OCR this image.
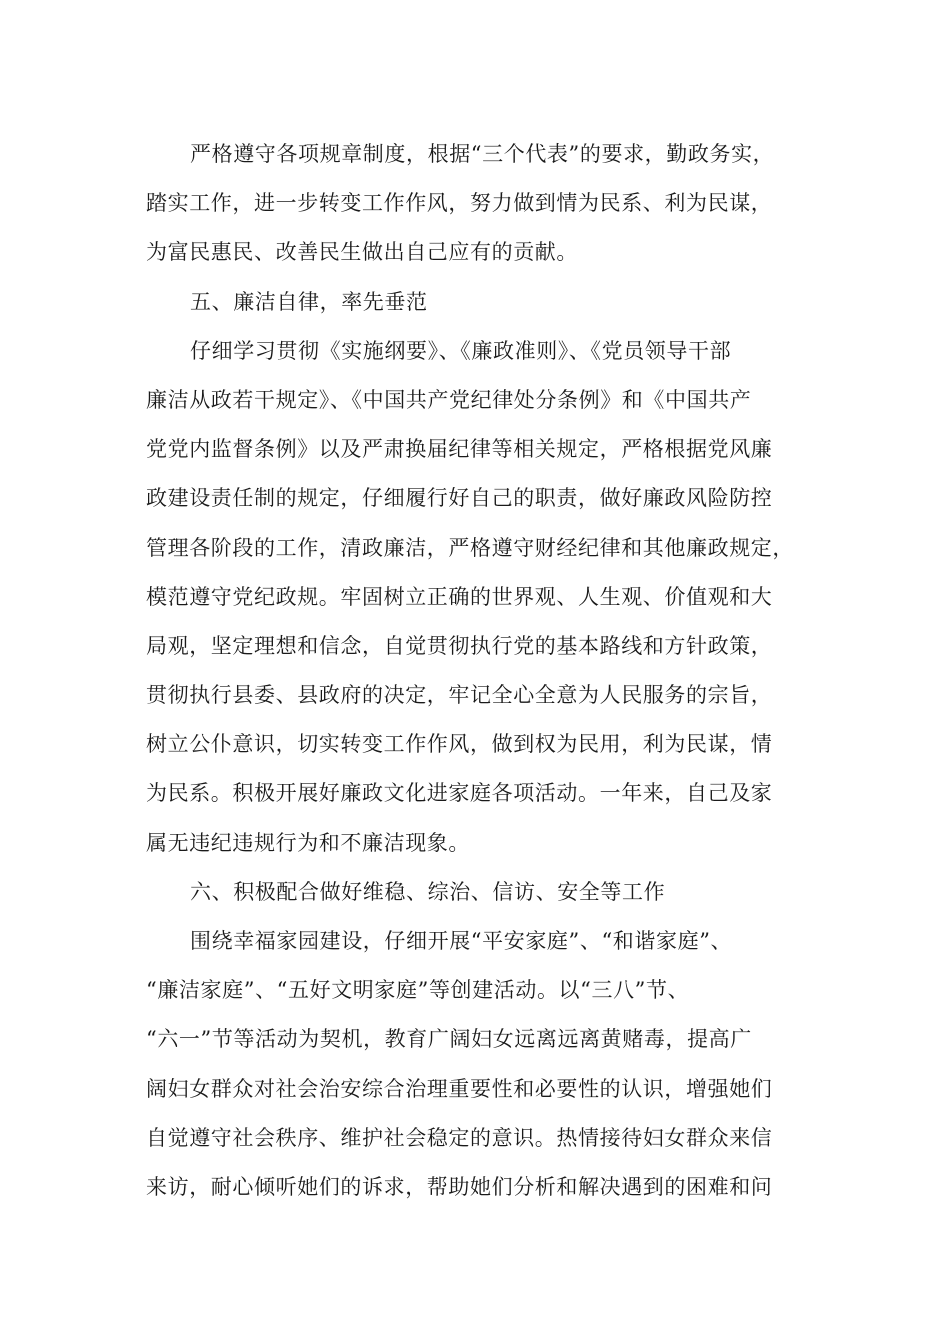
严格遵守各项规章制度，根据“三个代表”的要求，勤政务实，
踏实工作，进一步转变工作作风，努力做到情为民系、利为民谋，
为富民惠民、改善民生做出自己应有的贡献。
五、廉洁自律，率先垂范
仔细学习贯彻《实施纲要》、《廉政准则》、《党员领导干部
廉洁从政若干规定》、《中国共产党纪律处分条例》和《中国共产
党党内监督条例》以及严肃换届纪律等相关规定，严格根据党风廉
政建设责任制的规定，仔细履行好自己的职责，做好廉政风险防控
管理各阶段的工作，清政廉洁，严格遵守财经纪律和其他廉政规定，
模范遵守党纪政规。牢固树立正确的世界观、人生观、价值观和大
局观，坚定理想和信念，自觉贯彻执行党的基本路线和方针政策，
贯彻执行县委、县政府的决定，牢记全心全意为人民服务的宗旨，
树立公仆意识，切实转变工作作风，做到权为民用，利为民谋，情
为民系。积极开展好廉政文化进家庭各项活动。一年来，自己及家
属无违纪违规行为和不廉洁现象。
六、积极配合做好维稳、综治、信访、安全等工作
围绕幸福家园建设，仔细开展“平安家庭”、“和谐家庭”、
“廉洁家庭”、“五好文明家庭”等创建活动。以“三八”节、
“六一”节等活动为契机，教育广阔妇女远离远离黄赌毒，提高广
阔妇女群众对社会治安综合治理重要性和必要性的认识，增强她们
自觉遵守社会秩序、维护社会稳定的意识。热情接待妇女群众来信
来访，耐心倾听她们的诉求，帮助她们分析和解决遇到的困难和问
